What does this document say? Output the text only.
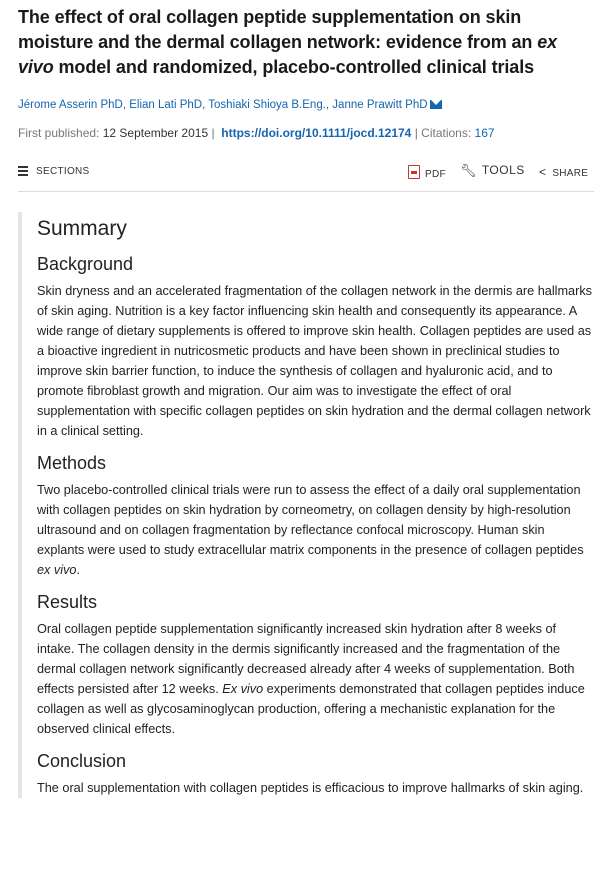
The effect of oral collagen peptide supplementation on skin moisture and the dermal collagen network: evidence from an ex vivo model and randomized, placebo-controlled clinical trials
Jérome Asserin PhD, Elian Lati PhD, Toshiaki Shioya B.Eng., Janne Prawitt PhD
First published: 12 September 2015 | https://doi.org/10.1111/jocd.12174 | Citations: 167
SECTIONS	PDF 🔧︎ TOOLS < SHARE
Summary
Background

Skin dryness and an accelerated fragmentation of the collagen network in the dermis are hallmarks of skin aging. Nutrition is a key factor influencing skin health and consequently its appearance. A wide range of dietary supplements is offered to improve skin health. Collagen peptides are used as a bioactive ingredient in nutricosmetic products and have been shown in preclinical studies to improve skin barrier function, to induce the synthesis of collagen and hyaluronic acid, and to promote fibroblast growth and migration. Our aim was to investigate the effect of oral supplementation with specific collagen peptides on skin hydration and the dermal collagen network in a clinical setting.

Methods

Two placebo-controlled clinical trials were run to assess the effect of a daily oral supplementation with collagen peptides on skin hydration by corneometry, on collagen density by high-resolution ultrasound and on collagen fragmentation by reflectance confocal microscopy. Human skin explants were used to study extracellular matrix components in the presence of collagen peptides ex vivo.

Results

Oral collagen peptide supplementation significantly increased skin hydration after 8 weeks of intake. The collagen density in the dermis significantly increased and the fragmentation of the dermal collagen network significantly decreased already after 4 weeks of supplementation. Both effects persisted after 12 weeks. Ex vivo experiments demonstrated that collagen peptides induce collagen as well as glycosaminoglycan production, offering a mechanistic explanation for the observed clinical effects.

Conclusion

The oral supplementation with collagen peptides is efficacious to improve hallmarks of skin aging.
